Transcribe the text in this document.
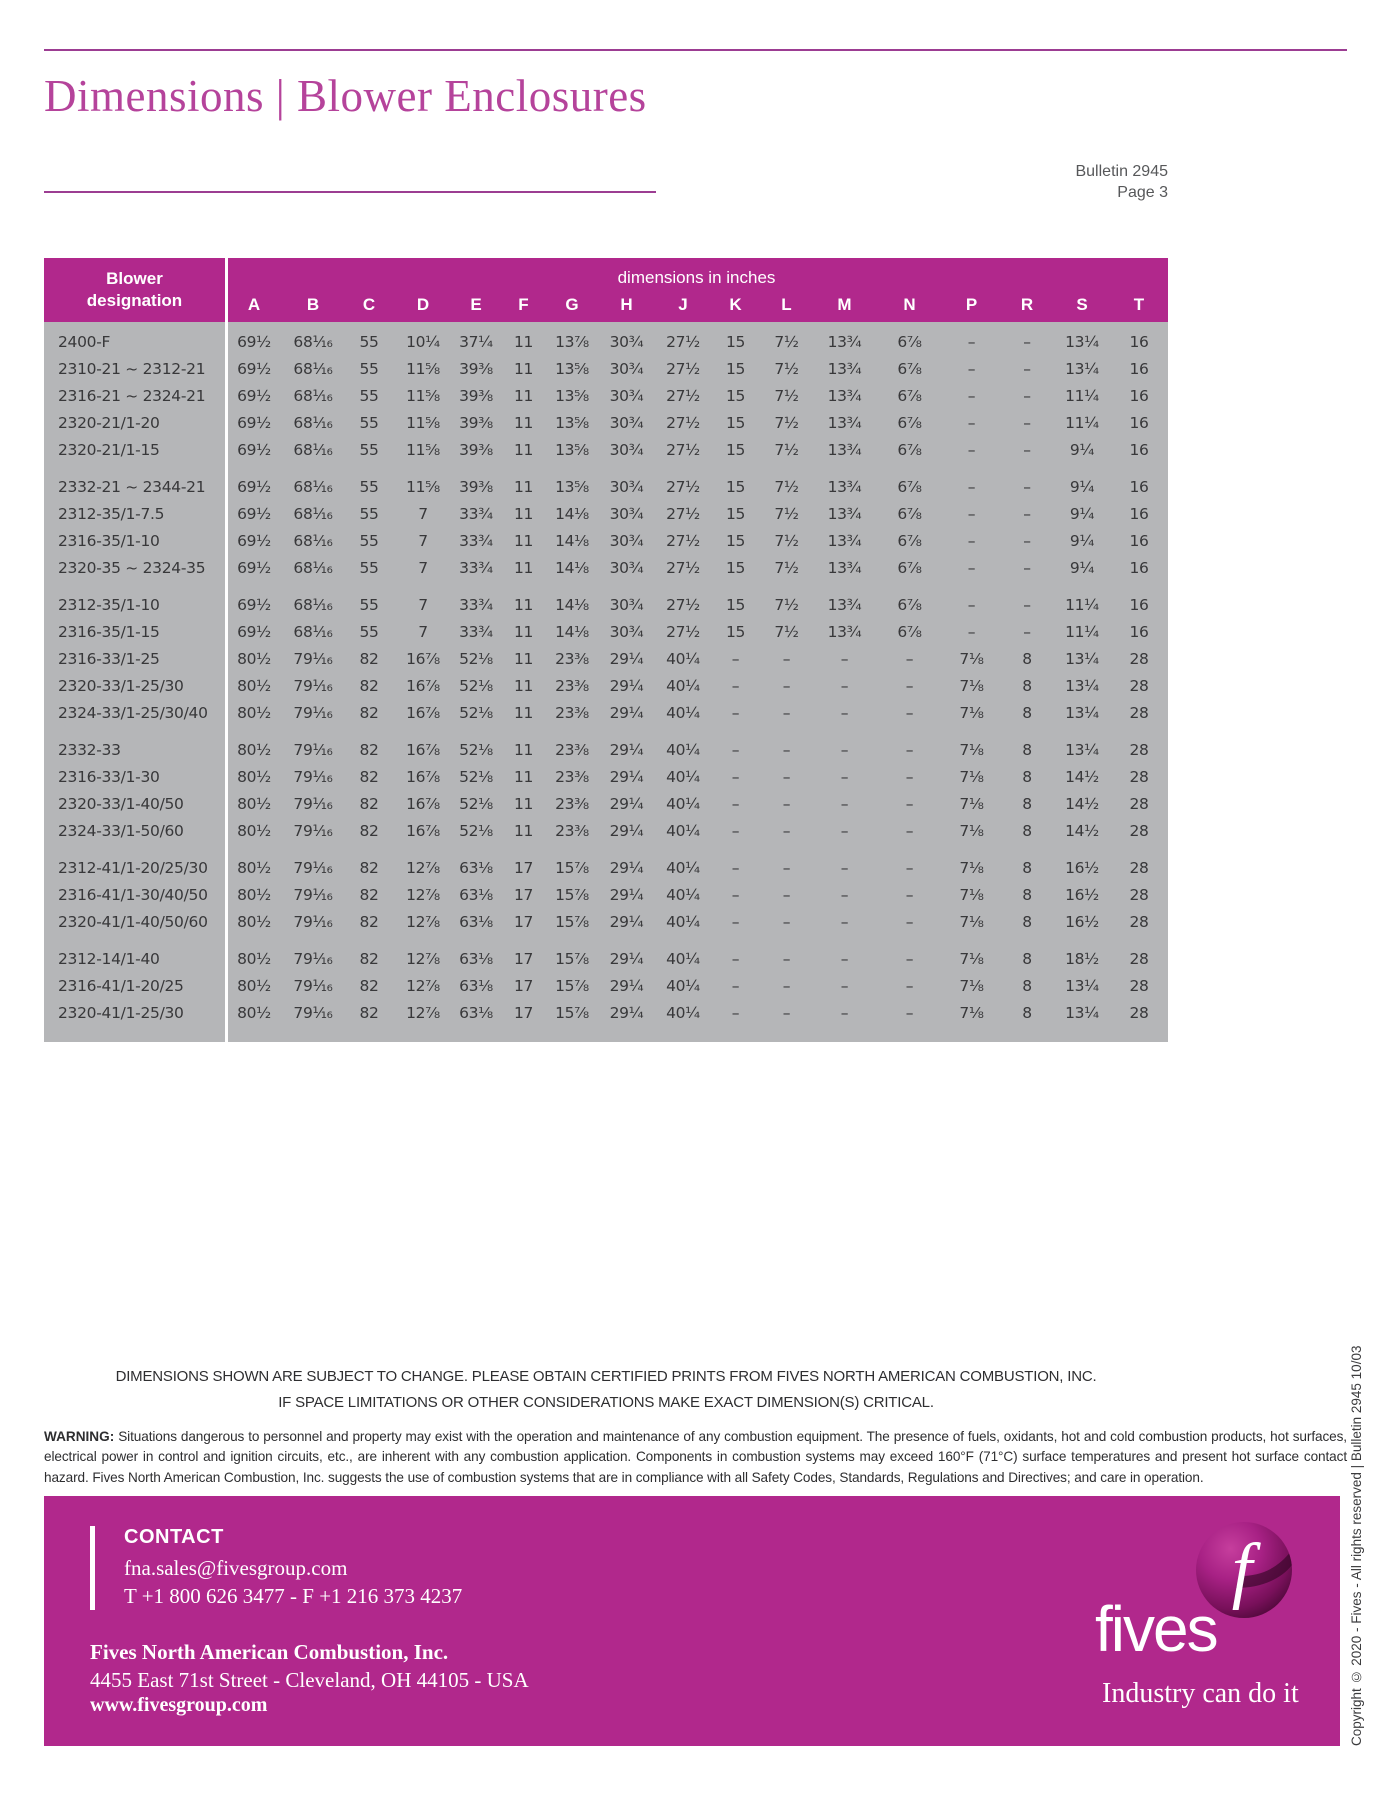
Dimensions | Blower Enclosures
Bulletin 2945
Page 3
Blower
designation
dimensions in inches
A	B	C	D	E	F	G	H	J	K	L	M	N	P	R	S	T
2400-F	69½	68¹⁄₁₆	55	10¼	37¼	11	13⅞	30¾	27½	15	7½	13¾	6⅞	–	–	13¼	16
2310-21 ~ 2312-21	69½	68¹⁄₁₆	55	11⅝	39⅜	11	13⅝	30¾	27½	15	7½	13¾	6⅞	–	–	13¼	16
2316-21 ~ 2324-21	69½	68¹⁄₁₆	55	11⅝	39⅜	11	13⅝	30¾	27½	15	7½	13¾	6⅞	–	–	11¼	16
2320-21/1-20	69½	68¹⁄₁₆	55	11⅝	39⅜	11	13⅝	30¾	27½	15	7½	13¾	6⅞	–	–	11¼	16
2320-21/1-15	69½	68¹⁄₁₆	55	11⅝	39⅜	11	13⅝	30¾	27½	15	7½	13¾	6⅞	–	–	9¼	16
2332-21 ~ 2344-21	69½	68¹⁄₁₆	55	11⅝	39⅜	11	13⅝	30¾	27½	15	7½	13¾	6⅞	–	–	9¼	16
2312-35/1-7.5	69½	68¹⁄₁₆	55	7	33¾	11	14⅛	30¾	27½	15	7½	13¾	6⅞	–	–	9¼	16
2316-35/1-10	69½	68¹⁄₁₆	55	7	33¾	11	14⅛	30¾	27½	15	7½	13¾	6⅞	–	–	9¼	16
2320-35 ~ 2324-35	69½	68¹⁄₁₆	55	7	33¾	11	14⅛	30¾	27½	15	7½	13¾	6⅞	–	–	9¼	16
2312-35/1-10	69½	68¹⁄₁₆	55	7	33¾	11	14⅛	30¾	27½	15	7½	13¾	6⅞	–	–	11¼	16
2316-35/1-15	69½	68¹⁄₁₆	55	7	33¾	11	14⅛	30¾	27½	15	7½	13¾	6⅞	–	–	11¼	16
2316-33/1-25	80½	79¹⁄₁₆	82	16⅞	52⅛	11	23⅜	29¼	40¼	–	–	–	–	7⅛	8	13¼	28
2320-33/1-25/30	80½	79¹⁄₁₆	82	16⅞	52⅛	11	23⅜	29¼	40¼	–	–	–	–	7⅛	8	13¼	28
2324-33/1-25/30/40	80½	79¹⁄₁₆	82	16⅞	52⅛	11	23⅜	29¼	40¼	–	–	–	–	7⅛	8	13¼	28
2332-33	80½	79¹⁄₁₆	82	16⅞	52⅛	11	23⅜	29¼	40¼	–	–	–	–	7⅛	8	13¼	28
2316-33/1-30	80½	79¹⁄₁₆	82	16⅞	52⅛	11	23⅜	29¼	40¼	–	–	–	–	7⅛	8	14½	28
2320-33/1-40/50	80½	79¹⁄₁₆	82	16⅞	52⅛	11	23⅜	29¼	40¼	–	–	–	–	7⅛	8	14½	28
2324-33/1-50/60	80½	79¹⁄₁₆	82	16⅞	52⅛	11	23⅜	29¼	40¼	–	–	–	–	7⅛	8	14½	28
2312-41/1-20/25/30	80½	79¹⁄₁₆	82	12⅞	63⅛	17	15⅞	29¼	40¼	–	–	–	–	7⅛	8	16½	28
2316-41/1-30/40/50	80½	79¹⁄₁₆	82	12⅞	63⅛	17	15⅞	29¼	40¼	–	–	–	–	7⅛	8	16½	28
2320-41/1-40/50/60	80½	79¹⁄₁₆	82	12⅞	63⅛	17	15⅞	29¼	40¼	–	–	–	–	7⅛	8	16½	28
2312-14/1-40	80½	79¹⁄₁₆	82	12⅞	63⅛	17	15⅞	29¼	40¼	–	–	–	–	7⅛	8	18½	28
2316-41/1-20/25	80½	79¹⁄₁₆	82	12⅞	63⅛	17	15⅞	29¼	40¼	–	–	–	–	7⅛	8	13¼	28
2320-41/1-25/30	80½	79¹⁄₁₆	82	12⅞	63⅛	17	15⅞	29¼	40¼	–	–	–	–	7⅛	8	13¼	28
DIMENSIONS SHOWN ARE SUBJECT TO CHANGE. PLEASE OBTAIN CERTIFIED PRINTS FROM FIVES NORTH AMERICAN COMBUSTION, INC.
IF SPACE LIMITATIONS OR OTHER CONSIDERATIONS MAKE EXACT DIMENSION(S) CRITICAL.
WARNING: Situations dangerous to personnel and property may exist with the operation and maintenance of any combustion equipment. The presence of fuels, oxidants, hot and cold combustion products, hot surfaces, electrical power in control and ignition circuits, etc., are inherent with any combustion application. Components in combustion systems may exceed 160°F (71°C) surface temperatures and present hot surface contact hazard. Fives North American Combustion, Inc. suggests the use of combustion systems that are in compliance with all Safety Codes, Standards, Regulations and Directives; and care in operation.
CONTACT
fna.sales@fivesgroup.com
T +1 800 626 3477 - F +1 216 373 4237
Fives North American Combustion, Inc.
4455 East 71st Street - Cleveland, OH 44105 - USA
www.fivesgroup.com
f
fives
Industry can do it	Copyright © 2020 - Fives - All rights reserved | Bulletin 2945 10/03
